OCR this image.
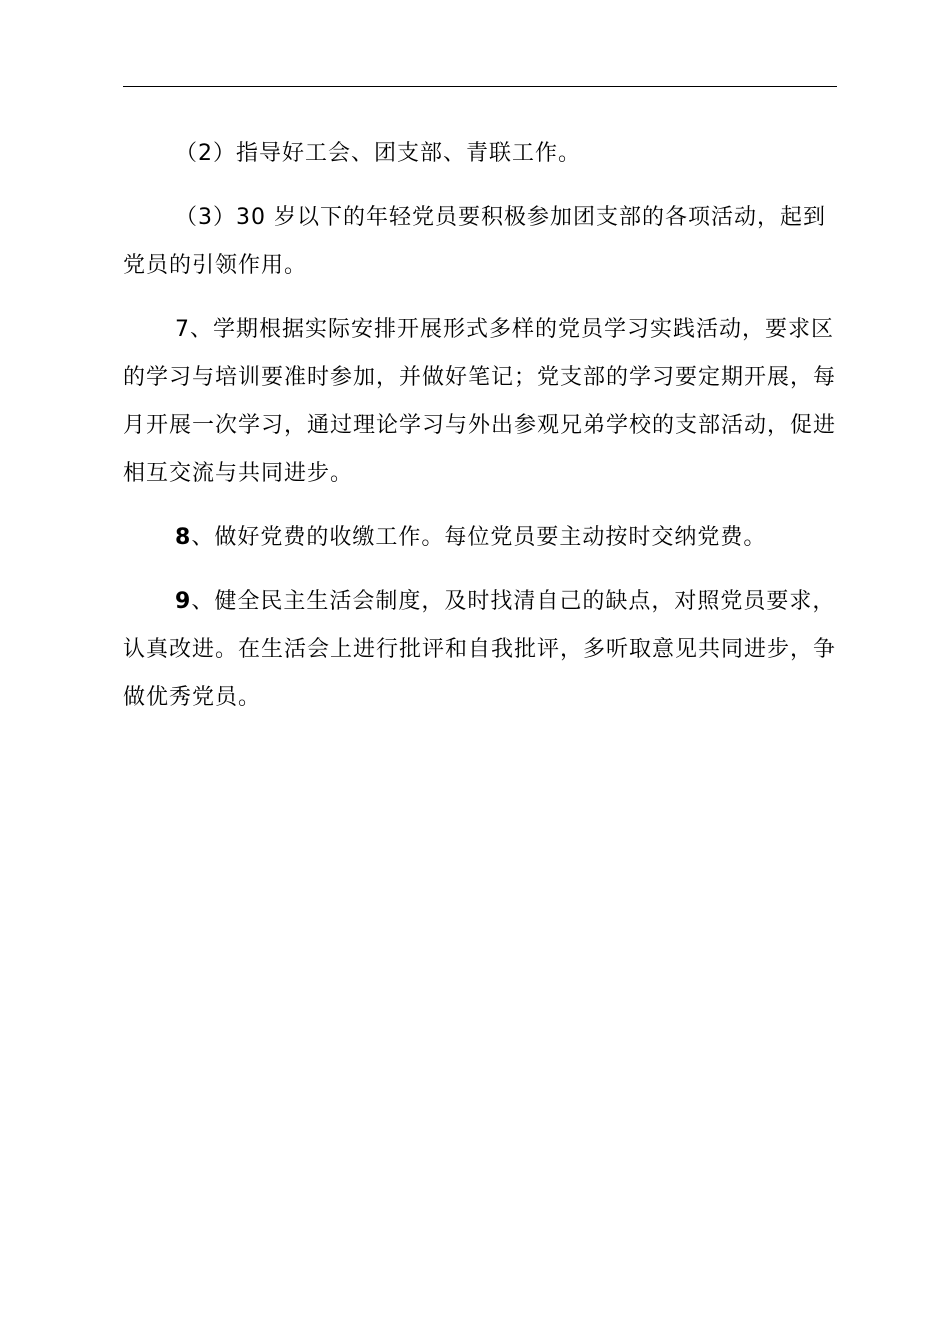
（2）指导好工会、团支部、青联工作。

（3）30 岁以下的年轻党员要积极参加团支部的各项活动，起到党员的引领作用。

7、学期根据实际安排开展形式多样的党员学习实践活动，要求区的学习与培训要准时参加，并做好笔记；党支部的学习要定期开展，每月开展一次学习，通过理论学习与外出参观兄弟学校的支部活动，促进相互交流与共同进步。

8、做好党费的收缴工作。每位党员要主动按时交纳党费。

9、健全民主生活会制度，及时找清自己的缺点，对照党员要求，认真改进。在生活会上进行批评和自我批评，多听取意见共同进步，争做优秀党员。
